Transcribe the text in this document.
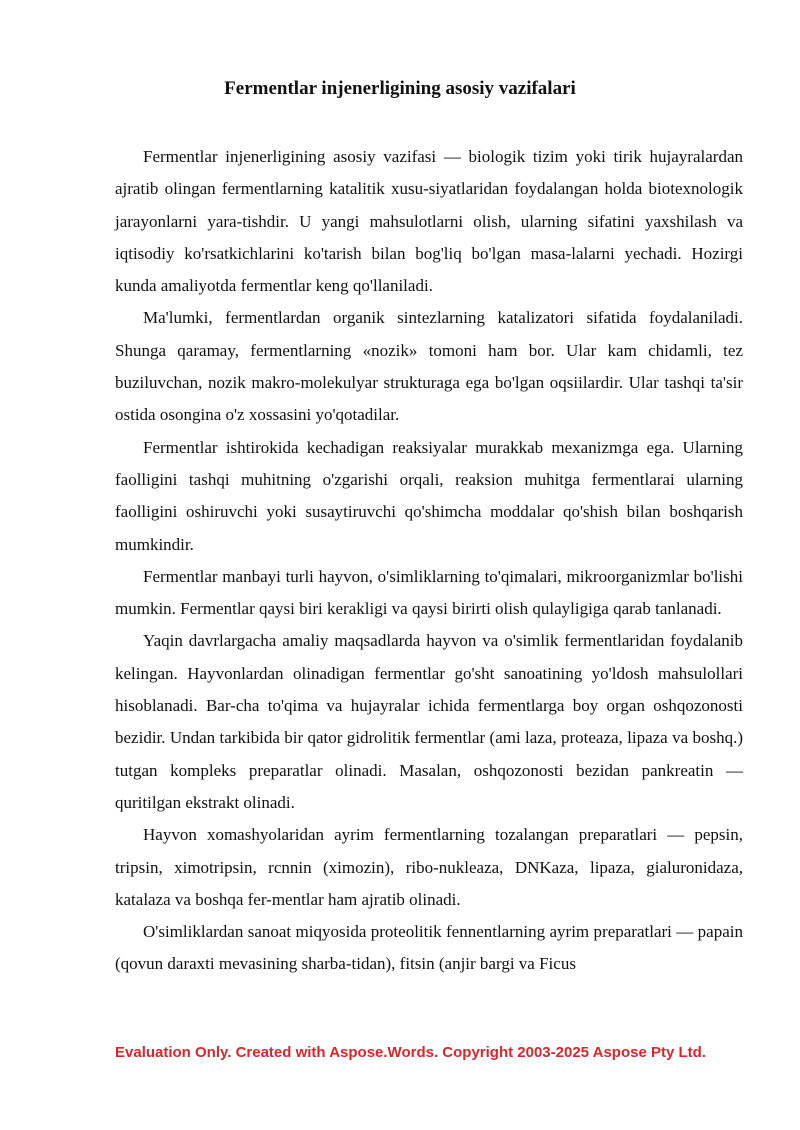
Fermentlar injenerligining asosiy vazifalari

Fermentlar injenerligining asosiy vazifasi — biologik tizim yoki tirik hujayralardan ajratib olingan fermentlarning katalitik xusu-siyatlaridan foydalangan holda biotexnologik jarayonlarni yara-tishdir. U yangi mahsulotlarni olish, ularning sifatini yaxshilash va iqtisodiy ko'rsatkichlarini ko'tarish bilan bog'liq bo'lgan masa-lalarni yechadi. Hozirgi kunda amaliyotda fermentlar keng qo'llaniladi.

Ma'lumki, fermentlardan organik sintezlarning katalizatori sifatida foydalaniladi. Shunga qaramay, fermentlarning «nozik» tomoni ham bor. Ular kam chidamli, tez buziluvchan, nozik makro-molekulyar strukturaga ega bo'lgan oqsiilardir. Ular tashqi ta'sir ostida osongina o'z xossasini yo'qotadilar.

Fermentlar ishtirokida kechadigan reaksiyalar murakkab mexanizmga ega. Ularning faolligini tashqi muhitning o'zgarishi orqali, reaksion muhitga fermentlarai ularning faolligini oshiruvchi yoki susaytiruvchi qo'shimcha moddalar qo'shish bilan boshqarish mumkindir.

Fermentlar manbayi turli hayvon, o'simliklarning to'qimalari, mikroorganizmlar bo'lishi mumkin. Fermentlar qaysi biri kerakligi va qaysi birirti olish qulayligiga qarab tanlanadi.

Yaqin davrlargacha amaliy maqsadlarda hayvon va o'simlik fermentlaridan foydalanib kelingan. Hayvonlardan olinadigan fermentlar go'sht sanoatining yo'ldosh mahsulollari hisoblanadi. Bar-cha to'qima va hujayralar ichida fermentlarga boy organ oshqozonosti bezidir. Undan tarkibida bir qator gidrolitik fermentlar (ami laza, proteaza, lipaza va boshq.) tutgan kompleks preparatlar olinadi. Masalan, oshqozonosti bezidan pankreatin — quritilgan ekstrakt olinadi.

Hayvon xomashyolaridan ayrim fermentlarning tozalangan preparatlari — pepsin, tripsin, ximotripsin, rcnnin (ximozin), ribo-nukleaza, DNKaza, lipaza, gialuronidaza, katalaza va boshqa fer-mentlar ham ajratib olinadi.

O'simliklardan sanoat miqyosida proteolitik fennentlarning ayrim preparatlari — papain (qovun daraxti mevasining sharba-tidan), fitsin (anjir bargi va Ficus

Evaluation Only. Created with Aspose.Words. Copyright 2003-2025 Aspose Pty Ltd.
